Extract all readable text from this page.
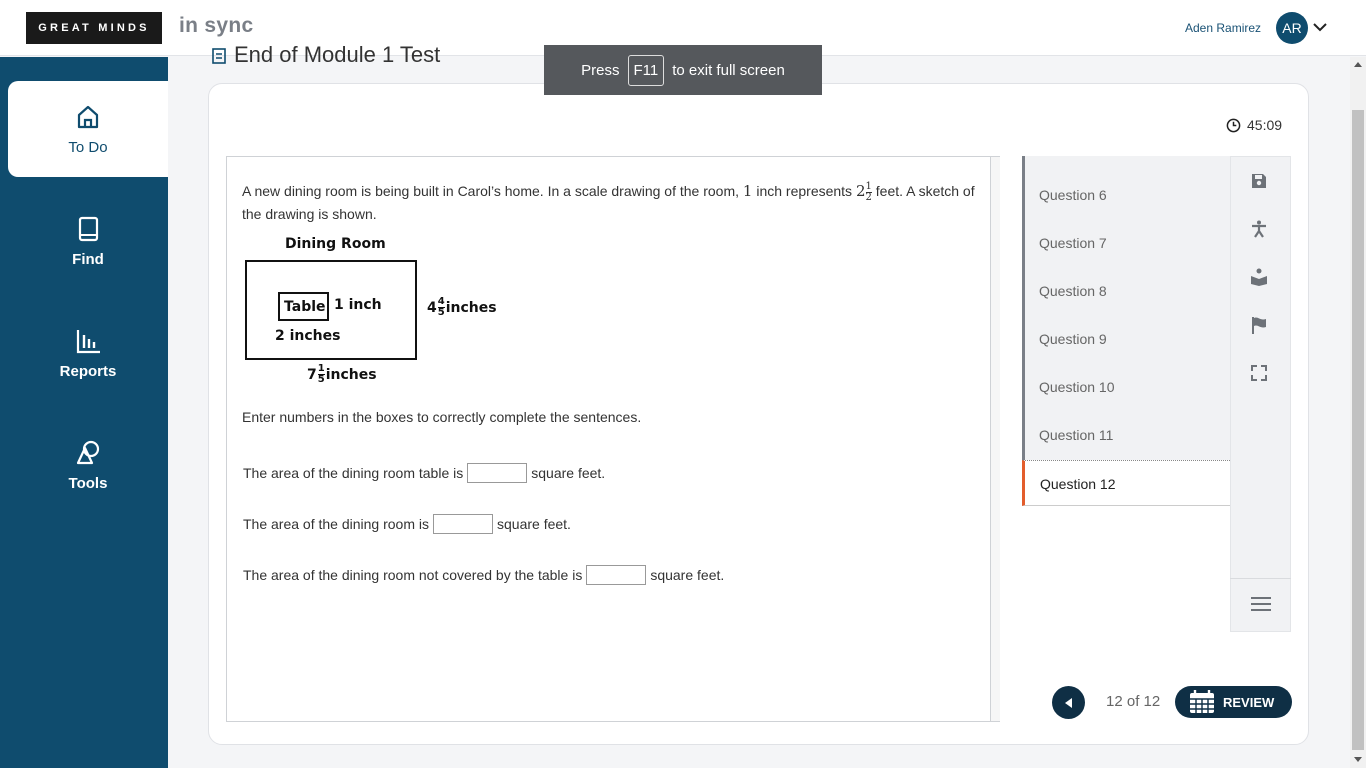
GREAT MINDS	in sync	Aden Ramirez	AR
To Do
Find
Reports
Tools
End of Module 1 Test
45:09
A new dining room is being built in Carol’s home. In a scale drawing of the room, 1 inch represents $2 \frac{1}{2}$ feet. A sketch of the drawing is shown.
Dining Room
Table 1 inch
2 inches
$4 \frac{4}{5}$ inches
$7 \frac{1}{5}$ inches
Enter numbers in the boxes to correctly complete the sentences.
The area of the dining room table is	square feet.
The area of the dining room is	square feet.
The area of the dining room not covered by the table is	square feet.
Question 6
Question 7
Question 8
Question 9
Question 10
Question 11
Question 12
12 of 12	REVIEW
Press F11 to exit full screen
